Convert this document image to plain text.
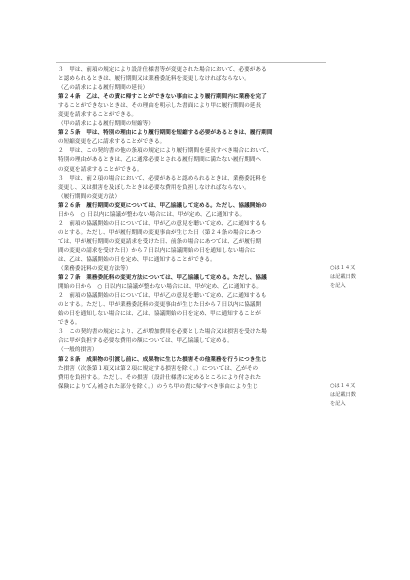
３　甲は、前項の規定により設計仕様書等が変更された場合において、必要がある
と認められるときは、履行期間又は業務委託料を変更しなければならない。
（乙の請求による履行期間の延長）
第２４条　乙は、その責に帰すことができない事由により履行期間内に業務を完了
することができないときは、その理由を明示した書面により甲に履行期間の延長
変更を請求することができる。
（甲の請求による履行期間の短縮等）
第２５条　甲は、特別の理由により履行期間を短縮する必要があるときは、履行期間
の短縮変更を乙に請求することができる。
２　甲は、この契約書の他の条項の規定により履行期間を延長すべき場合において、
特別の理由があるときは、乙に通常必要とされる履行期間に満たない履行期間へ
の変更を請求することができる。
３　甲は、前２項の場合において、必要があると認められるときは、業務委託料を
変更し、又は損害を及ぼしたときは必要な費用を負担しなければならない。
（履行期間の変更方法）
第２６条　履行期間の変更については、甲乙協議して定める。ただし、協議開始の
日から　○ 日以内に協議が整わない場合には、甲が定め、乙に通知する。
２　前項の協議開始の日については、甲が乙の意見を聴いて定め、乙に通知するも
のとする。ただし、甲が履行期間の変更事由が生じた日（第２４条の場合にあつ
ては、甲が履行期間の変更請求を受けた日、前条の場合にあつては、乙が履行期
間の変更の請求を受けた日）から７日以内に協議開始の日を通知しない場合に
は、乙は、協議開始の日を定め、甲に通知することができる。
（業務委託料の変更方法等）
第２７条　業務委託料の変更方法については、甲乙協議して定める。ただし、協議
開始の日から　○ 日以内に協議が整わない場合には、甲が定め、乙に通知する。
２　前項の協議開始の日については、甲が乙の意見を聴いて定め、乙に通知するも
のとする。ただし、甲が業務委託料の変更事由が生じた日から７日以内に協議開
始の日を通知しない場合には、乙は、協議開始の日を定め、甲に通知することが
できる。
３　この契約書の規定により、乙が増加費用を必要とした場合又は損害を受けた場
合に甲が負担する必要な費用の額については、甲乙協議して定める。
（一般的損害）
第２８条　成果物の引渡し前に、成果物に生じた損害その他業務を行うにつき生じ
た損害（次条第１項又は第２項に規定する損害を除く。）については、乙がその
費用を負担する。ただし、その損害（設計仕様書に定めるところにより付された
保険によりてん補された部分を除く。）のうち甲の責に帰すべき事由により生じ
○は１４又
は記載日数
を記入
○は１４又
は記載日数
を記入
